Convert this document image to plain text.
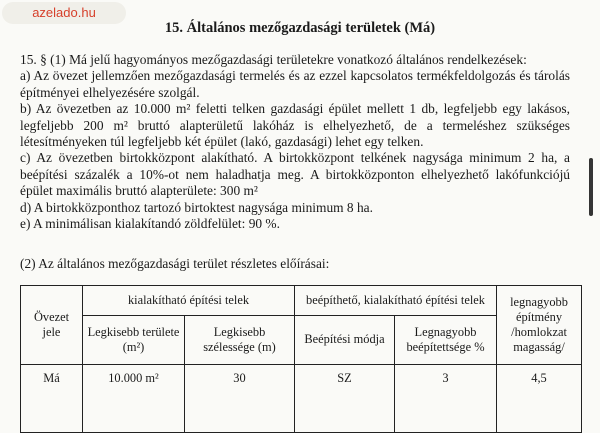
azelado.hu
15. Általános mezőgazdasági területek (Má)

15. § (1) Má jelű hagyományos mezőgazdasági területekre vonatkozó általános rendelkezések:

a) Az övezet jellemzően mezőgazdasági termelés és az ezzel kapcsolatos termékfeldolgozás és tárolás építményei elhelyezésére szolgál.

b) Az övezetben az 10.000 m² feletti telken gazdasági épület mellett 1 db, legfeljebb egy lakásos, legfeljebb 200 m² bruttó alapterületű lakóház is elhelyezhető, de a termeléshez szükséges létesítményeken túl legfeljebb két épület (lakó, gazdasági) lehet egy telken.

c) Az övezetben birtokközpont alakítható. A birtokközpont telkének nagysága minimum 2 ha, a beépítési százalék a 10%-ot nem haladhatja meg. A birtokközponton elhelyezhető lakófunkciójú épület maximális bruttó alapterülete: 300 m²

d) A birtokközponthoz tartozó birtoktest nagysága minimum 8 ha.

e) A minimálisan kialakítandó zöldfelület: 90 %.

(2) Az általános mezőgazdasági terület részletes előírásai:
Övezet jele	kialakítható építési telek		beépíthető, kialakítható építési telek		legnagyobb építmény /homlokzat magasság/
	Legkisebb területe (m²)	Legkisebb szélessége (m)	Beépítési módja	Legnagyobb beépítettsége %	
Má	10.000 m²	30	SZ	3	4,5
